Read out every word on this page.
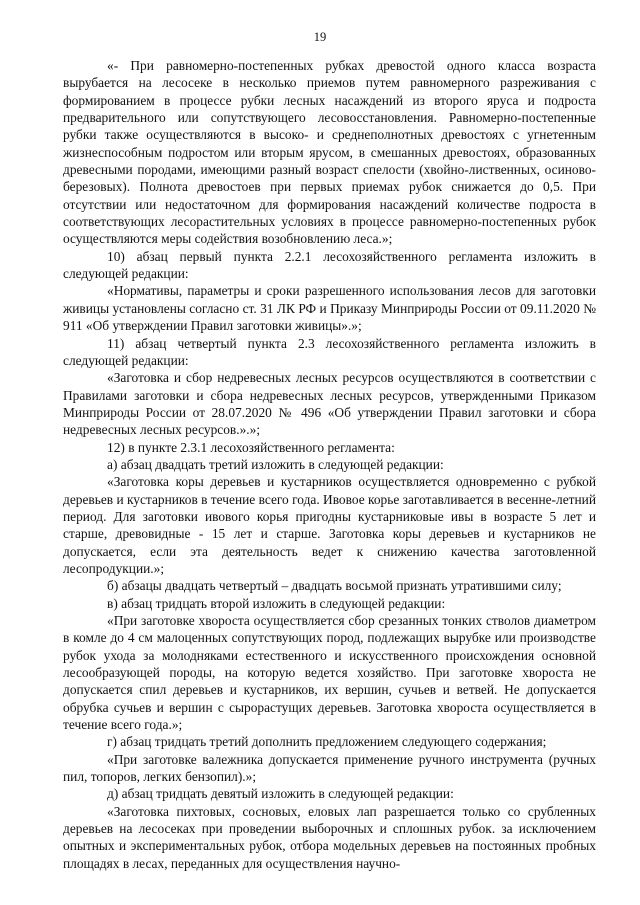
19

«- При равномерно-постепенных рубках древостой одного класса возраста вырубается на лесосеке в несколько приемов путем равномерного разреживания с формированием в процессе рубки лесных насаждений из второго яруса и подроста предварительного или сопутствующего лесовосстановления. Равномерно-постепенные рубки также осуществляются в высоко- и среднеполнотных древостоях с угнетенным жизнеспособным подростом или вторым ярусом, в смешанных древостоях, образованных древесными породами, имеющими разный возраст спелости (хвойно-лиственных, осиново-березовых). Полнота древостоев при первых приемах рубок снижается до 0,5. При отсутствии или недостаточном для формирования насаждений количестве подроста в соответствующих лесорастительных условиях в процессе равномерно-постепенных рубок осуществляются меры содействия возобновлению леса.»;

10) абзац первый пункта 2.2.1 лесохозяйственного регламента изложить в следующей редакции:

«Нормативы, параметры и сроки разрешенного использования лесов для заготовки живицы установлены согласно ст. 31 ЛК РФ и Приказу Минприроды России от 09.11.2020 № 911 «Об утверждении Правил заготовки живицы».»;

11) абзац четвертый пункта 2.3 лесохозяйственного регламента изложить в следующей редакции:

«Заготовка и сбор недревесных лесных ресурсов осуществляются в соответствии с Правилами заготовки и сбора недревесных лесных ресурсов, утвержденными Приказом Минприроды России от 28.07.2020 № 496 «Об утверждении Правил заготовки и сбора недревесных лесных ресурсов.».»;

12) в пункте 2.3.1 лесохозяйственного регламента:

а) абзац двадцать третий изложить в следующей редакции:

«Заготовка коры деревьев и кустарников осуществляется одновременно с рубкой деревьев и кустарников в течение всего года. Ивовое корье заготавливается в весенне-летний период. Для заготовки ивового корья пригодны кустарниковые ивы в возрасте 5 лет и старше, древовидные - 15 лет и старше. Заготовка коры деревьев и кустарников не допускается, если эта деятельность ведет к снижению качества заготовленной лесопродукции.»;

б) абзацы двадцать четвертый – двадцать восьмой признать утратившими силу;

в) абзац тридцать второй изложить в следующей редакции:

«При заготовке хвороста осуществляется сбор срезанных тонких стволов диаметром в комле до 4 см малоценных сопутствующих пород, подлежащих вырубке или производстве рубок ухода за молодняками естественного и искусственного происхождения основной лесообразующей породы, на которую ведется хозяйство. При заготовке хвороста не допускается спил деревьев и кустарников, их вершин, сучьев и ветвей. Не допускается обрубка сучьев и вершин с сырорастущих деревьев. Заготовка хвороста осуществляется в течение всего года.»;

г) абзац тридцать третий дополнить предложением следующего содержания;

«При заготовке валежника допускается применение ручного инструмента (ручных пил, топоров, легких бензопил).»;

д) абзац тридцать девятый изложить в следующей редакции:

«Заготовка пихтовых, сосновых, еловых лап разрешается только со срубленных деревьев на лесосеках при проведении выборочных и сплошных рубок. за исключением опытных и экспериментальных рубок, отбора модельных деревьев на постоянных пробных площадях в лесах, переданных для осуществления научно-
